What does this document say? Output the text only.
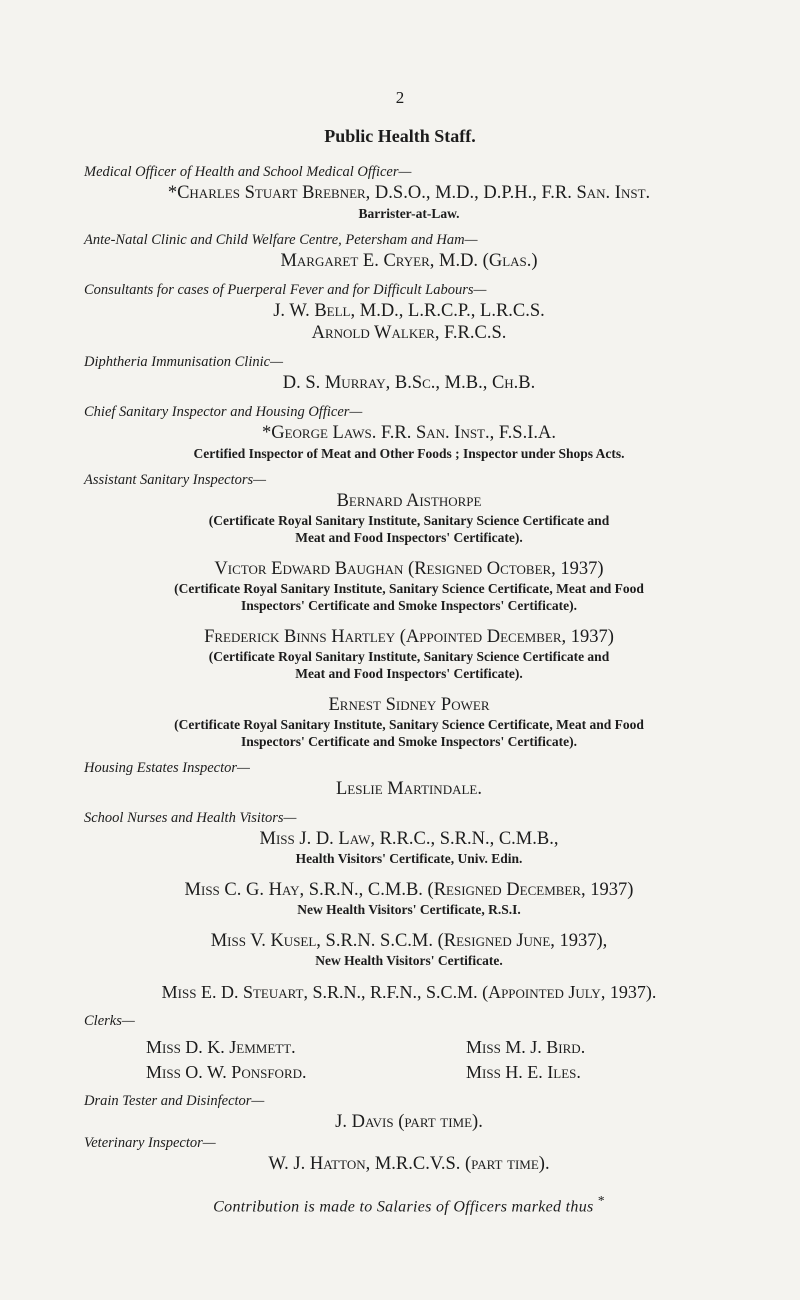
2
Public Health Staff.

Medical Officer of Health and School Medical Officer—

*Charles Stuart Brebner, D.S.O., M.D., D.P.H., F.R. San. Inst.

Barrister-at-Law.

Ante-Natal Clinic and Child Welfare Centre, Petersham and Ham—

Margaret E. Cryer, M.D. (Glas.)

Consultants for cases of Puerperal Fever and for Difficult Labours—

J. W. Bell, M.D., L.R.C.P., L.R.C.S.

Arnold Walker, F.R.C.S.

Diphtheria Immunisation Clinic—

D. S. Murray, B.Sc., M.B., Ch.B.

Chief Sanitary Inspector and Housing Officer—

*George Laws. F.R. San. Inst., F.S.I.A.

Certified Inspector of Meat and Other Foods ; Inspector under Shops Acts.

Assistant Sanitary Inspectors—

Bernard Aisthorpe

(Certificate Royal Sanitary Institute, Sanitary Science Certificate and

Meat and Food Inspectors' Certificate).

Victor Edward Baughan (Resigned October, 1937)

(Certificate Royal Sanitary Institute, Sanitary Science Certificate, Meat and Food

Inspectors' Certificate and Smoke Inspectors' Certificate).

Frederick Binns Hartley (Appointed December, 1937)

(Certificate Royal Sanitary Institute, Sanitary Science Certificate and

Meat and Food Inspectors' Certificate).

Ernest Sidney Power

(Certificate Royal Sanitary Institute, Sanitary Science Certificate, Meat and Food

Inspectors' Certificate and Smoke Inspectors' Certificate).

Housing Estates Inspector—

Leslie Martindale.

School Nurses and Health Visitors—

Miss J. D. Law, R.R.C., S.R.N., C.M.B.,

Health Visitors' Certificate, Univ. Edin.

Miss C. G. Hay, S.R.N., C.M.B. (Resigned December, 1937)

New Health Visitors' Certificate, R.S.I.

Miss V. Kusel, S.R.N. S.C.M. (Resigned June, 1937),

New Health Visitors' Certificate.

Miss E. D. Steuart, S.R.N., R.F.N., S.C.M. (Appointed July, 1937).

Clerks—

Miss D. K. Jemmett.	Miss M. J. Bird.
Miss O. W. Ponsford.	Miss H. E. Iles.

Drain Tester and Disinfector—

J. Davis (part time).

Veterinary Inspector—

W. J. Hatton, M.R.C.V.S. (part time).

Contribution is made to Salaries of Officers marked thus *
